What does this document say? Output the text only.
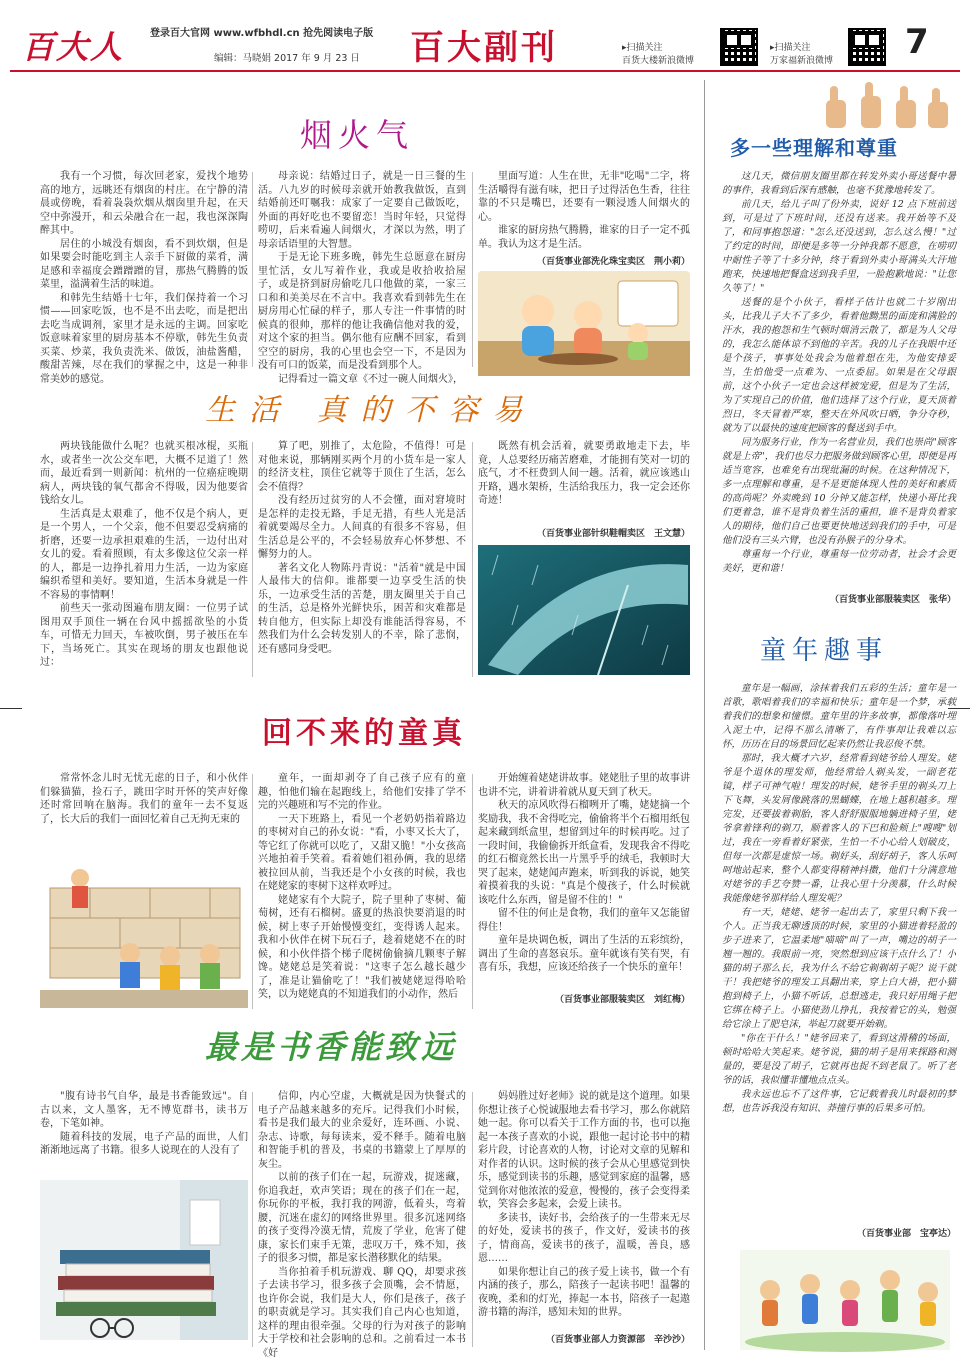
百大人	登录百大官网 www.wfbhdl.cn 抢先阅读电子版
编辑：马晓娟 2017 年 9 月 23 日 百大副刊	▸扫描关注
百货大楼新浪微博
▸扫描关注
万家福新浪微博 7
烟火气

我有一个习惯，每次回老家，爱找个地势高的地方，远眺还有烟囱的村庄。在宁静的清晨或傍晚，看着袅袅炊烟从烟囱里升起，在天空中弥漫开，和云朵融合在一起，我也深深陶醉其中。

居住的小城没有烟囱，看不到炊烟，但是如果要会时能吃到主人亲手下厨做的菜肴，满足感和幸福度会蹭蹭蹭的冒，那热气腾腾的饭菜里，溢满着生活的味道。

和韩先生结婚十七年，我们保持着一个习惯——回家吃饭，也不是不出去吃，而是把出去吃当成调剂，家里才是永远的主调。回家吃饭意味着家里的厨房基本不停歇，韩先生负责买菜、炒菜，我负责洗米、做饭，油盐酱醋，酸甜苦辣，尽在我们的掌握之中，这是一种非常美妙的感觉。

母亲说：结婚过日子，就是一日三餐的生活。八九岁的时候母亲就开始教我做饭，直到结婚前还叮嘱我：成家了一定要自己做饭吃，外面的再好吃也不要留恋！当时年轻，只觉得唠叨，后来看遍人间烟火，才深以为然，明了母亲话语里的大智慧。

于是无论下班多晚，韩先生总愿意在厨房里忙活，女儿写着作业，我或是收拾收拾屋子，或是挤到厨房偷吃几口他做的菜，一家三口和和美美尽在不言中。我喜欢看到韩先生在厨房用心忙碌的样子，那人专注一件事情的时候真的很帅，那样的他让我确信他对我的爱，对这个家的担当。偶尔他有应酬不回家，看到空空的厨房，我的心里也会空一下，不是因为没有可口的饭菜，而是没看到那个人。

记得看过一篇文章《不过一碗人间烟火》，

里面写道：人生在世，无非"吃喝"二字，将生活嚼得有滋有味，把日子过得活色生香，往往靠的不只是嘴巴，还要有一颗浸透人间烟火的心。

谁家的厨房热气腾腾，谁家的日子一定不孤单。我认为这才是生活。

（百货事业部洗化珠宝卖区　荆小莉）
生活 真的不容易

两块钱能做什么呢？也就买根冰棍，买瓶水，或者坐一次公交车吧，大概不足道了！然而，最近看到一则新闻：杭州的一位癌症晚期病人，两块钱的氧气都舍不得吸，因为他要省钱给女儿。

生活真是太艰难了，他不仅是个病人，更是一个男人，一个父亲，他不但要忍受病痛的折磨，还要一边承担艰难的生活，一边付出对女儿的爱。看着照顾，有太多像这位父亲一样的人，都是一边挣扎着用力生活，一边为家庭编织希望和美好。要知道，生活本身就是一件不容易的事情啊！

前些天一张动图遍布朋友圈：一位男子试图用双手顶住一辆在台风中摇摇欲坠的小货车，可惜无力回天，车被吹倒，男子被压在车下，当场死亡。其实在现场的朋友也跟他说过：

算了吧，别推了，太危险，不值得！可是对他来说，那辆刚买两个月的小货车是一家人的经济支柱，顶住它就等于顶住了生活，怎么会不值得？

没有经历过贫穷的人不会懂，面对窘境时是怎样的走投无路，手足无措，有些人光是活着就要竭尽全力。人间真的有很多不容易，但生活总是公平的，不会轻易放弃心怀梦想、不懈努力的人。

著名文化人物陈丹青说："活着"就是中国人最伟大的信仰。谁都要一边享受生活的快乐，一边承受生活的苦楚，朋友圈里关于自己的生活，总是格外光鲜快乐，困苦和灾难都是转自他方，但实际上却没有谁能活得容易，不然我们为什么会转发别人的不幸，除了悲悯，还有感同身受吧。

既然有机会活着，就要勇敢地走下去，毕竟，人总要经历痛苦磨难，才能拥有笑对一切的底气，才不枉费到人间一趟。活着，就应该逃山开路，遇水架桥，生活给我压力，我一定会还你奇迹！

（百货事业部针织鞋帽卖区　王文慧）
回不来的童真

常常怀念儿时无忧无虑的日子，和小伙伴们躲猫猫，捡石子，跳田字时开怀的笑声好像还时常回响在脑海。我们的童年一去不复返了，长大后的我们一面回忆着自己无拘无束的

童年，一面却剥夺了自己孩子应有的童趣，怕他们输在起跑线上，给他们安排了学不完的兴趣班和写不完的作业。

一天下班路上，看见一个老奶奶指着路边的枣树对自己的孙女说："看，小枣又长大了，等它红了你就可以吃了，又甜又脆！"小女孩高兴地拍着手笑着。看着她们祖孙俩，我的思绪被拉回从前，当我还是个小女孩的时候，我也在姥姥家的枣树下这样欢呼过。

姥姥家有个大院子，院子里种了枣树、葡萄树，还有石榴树。盛夏的热浪快要消退的时候，树上枣子开始慢慢变红，变得诱人起来。我和小伙伴在树下玩石子，趁着姥姥不在的时候，和小伙伴搭个梯子爬树偷偷摘几颗枣子解馋。姥姥总是笑着说："这枣子怎么越长越少了，准是让猫偷吃了！"我们被姥姥逗得哈哈笑，以为姥姥真的不知道我们的小动作，然后

开始缠着姥姥讲故事。姥姥肚子里的故事讲也讲不完，讲着讲着就从夏天到了秋天。

秋天的凉风吹得石榴咧开了嘴，姥姥摘一个奖励我，我不舍得吃完，偷偷将半个石榴用纸包起来藏到纸盒里，想留到过年的时候再吃。过了一段时间，我偷偷拆开纸盒看，发现我舍不得吃的红石榴竟然长出一片黑乎乎的绒毛，我顿时大哭了起来，姥姥闻声跑来，听到我的诉说，她笑着摸着我的头说："真是个傻孩子，什么时候就该吃什么东西，留是留不住的！"

留不住的何止是食物，我们的童年又怎能留得住！

童年是块调色板，调出了生活的五彩缤纷，调出了生命的喜怒哀乐。童年就该有笑有哭，有喜有乐，我想，应该还给孩子一个快乐的童年！

（百货事业部服装卖区　刘红梅）
最是书香能致远

"腹有诗书气自华，最是书香能致远"。自古以来，文人墨客，无不博览群书，读书万卷，下笔如神。

随着科技的发展，电子产品的面世，人们渐渐地远离了书籍。很多人说现在的人没有了

信仰，内心空虚，大概就是因为快餐式的电子产品越来越多的充斥。记得我们小时候，看书是我们最大的业余爱好，连环画、小说、杂志、诗歌，每每读来，爱不释手。随着电脑和智能手机的普及，书桌的书籍蒙上了厚厚的灰尘。

以前的孩子们在一起，玩游戏，捉迷藏，你追我赶，欢声笑语；现在的孩子们在一起，你玩你的平板，我打我的网游，低着头，弯着腰，沉迷在虚幻的网络世界里。很多沉迷网络的孩子变得冷漠无情，荒废了学业，危害了健康，家长们束手无策，悲叹万千，殊不知，孩子的很多习惯，都是家长潜移默化的结果。

当你拍着手机玩游戏、聊 QQ，却要求孩子去读书学习，很多孩子会顶嘴，会不情愿，也许你会说，我们是大人，你们是孩子，孩子的职责就是学习。其实我们自己内心也知道，这样的理由很牵强。父母的行为对孩子的影响大于学校和社会影响的总和。之前看过一本书《好

妈妈胜过好老师》说的就是这个道理。如果你想让孩子心悦诚服地去看书学习，那么你就陪她一起。你可以看关于工作方面的书，也可以拖起一本孩子喜欢的小说，跟他一起讨论书中的精彩片段，讨论喜欢的人物，讨论对文章的见解和对作者的认识。这时候的孩子会从心里感觉到快乐，感觉到读书的乐趣，感觉到家庭的温馨，感觉到你对他浓浓的爱意，慢慢的，孩子会变得柔软，笑容会多起来，会爱上读书。

多读书，读好书，会给孩子的一生带来无尽的好处，爱读书的孩子，作文好，爱读书的孩子，情商高，爱读书的孩子，温暖，善良，感恩……

如果你想让自己的孩子爱上读书，做一个有内涵的孩子，那么，陪孩子一起读书吧！温馨的夜晚，柔和的灯光，捧起一本书，陪孩子一起遨游书籍的海洋，感知未知的世界。

（百货事业部人力资源部　辛沙沙）
多一些理解和尊重

这几天，微信朋友圈里都在转发外卖小哥送餐中暑的事件，我看到后深有感触，也毫不犹豫地转发了。

前几天，给儿子叫了份外卖，说好 12 点下班前送到，可是过了下班时间，还没有送来。我开始等不及了，和同事抱怨道："怎么还没送到，怎么这么慢！"过了约定的时间，即便是多等一分钟我都不愿意，在唠叨中耐性子等了十多分钟，终于看到外卖小哥满头大汗地跑来，快速地把餐盒送到我手里，一脸抱歉地说："让您久等了！"

送餐的是个小伙子，看样子估计也就二十岁刚出头，比我儿子大不了多少，看着他黝黑的面庞和满脸的汗水，我的抱怨和生气顿时烟消云散了，都是为人父母的，我怎么能体谅不到他的辛苦。我的儿子在我眼中还是个孩子，事事处处我会为他着想在先，为他安排妥当，生怕他受一点难为、一点委屈。如果是在父母跟前，这个小伙子一定也会这样被宠爱，但是为了生活，为了实现自己的价值，他们选择了这个行业，夏天顶着烈日，冬天冒着严寒，整天在外风吹日晒，争分夺秒，就为了以最快的速度把顾客的餐送到手中。

同为服务行业，作为一名营业员，我们也崇尚"顾客就是上帝"，我们也尽力把服务做到顾客心里，即便是再适当宽容，也难免有出现纰漏的时候。在这种情况下，多一点理解和尊重，是不是更能体现人性的美好和素质的高尚呢？外卖晚到 10 分钟又能怎样，快递小哥比我们更着急，谁不是背负着生活的重担，谁不是背负着家人的期待，他们自己也要更快地送到我们的手中，可是他们没有三头六臂，也没有孙猴子的分身术。

尊重每一个行业，尊重每一位劳动者，社会才会更美好，更和谐！

（百货事业部服装卖区　张华）
童年趣事

童年是一幅画，涂抹着我们五彩的生活；童年是一首歌，歌唱着我们的幸福和快乐；童年是一个梦，承载着我们的想象和憧憬。童年里的许多故事，都像落叶埋入泥土中，记得不那么清晰了，有件事却让我难以忘怀，历历在目的场景回忆起来仍然让我忍俊不禁。

那时，我大概才六岁，经常看到姥爷给人理发。姥爷是个退休的理发师，他经常给人剃头发，一副老花镜，样子可神气啦！理发的时候，姥爷手里的剃头刀上下飞舞，头发屑像跳落的黑蝴蝶，在地上越积越多。理完发，还要拔着剃胎，客人舒舒服服地躺进椅子里，姥爷拿着锋利的剃刀，顺着客人的下巴和脸颊上"嗖嗖"划过，我在一旁看着好紧张，生怕一不小心给人划破皮，但每一次都是虚惊一场。剃好头，刮好胡子，客人乐呵呵地站起来，整个人都变得精神抖擞，他们十分满意地对姥爷的手艺夸赞一番，让我心里十分羡慕，什么时候我能像姥爷那样给人理发呢？

有一天，姥姥、姥爷一起出去了，家里只剩下我一个人。正当我无聊透顶的时候，家里的小猫进着轻盈的步子进来了，它温柔地"喵喵"叫了一声，嘴边的胡子一翘一翘的。我眼前一亮，突然想到应该干点什么了！小猫的胡子那么长，我为什么不给它剃剃胡子呢？说干就干！我把姥爷的理发工具翻出来，穿上白大褂，把小猫抱到椅子上，小猫不听话，总想逃走，我只好用绳子把它绑在椅子上。小猫使劲儿挣扎，我按着它的头，勉强给它涂上了肥皂沫，举起刀就要开始剃。

"你在干什么！"姥爷回来了，看到这滑稽的场面，顿时哈哈大笑起来。姥爷说，猫的胡子是用来探路和测量的，要是没了胡子，它就再也捉不到老鼠了。听了老爷的话，我似懂非懂地点点头。

我永远也忘不了这件事，它记载着我儿时最初的梦想，也告诉我没有知识、莽撞行事的后果多可怕。

（百货事业部　宝亭达）
